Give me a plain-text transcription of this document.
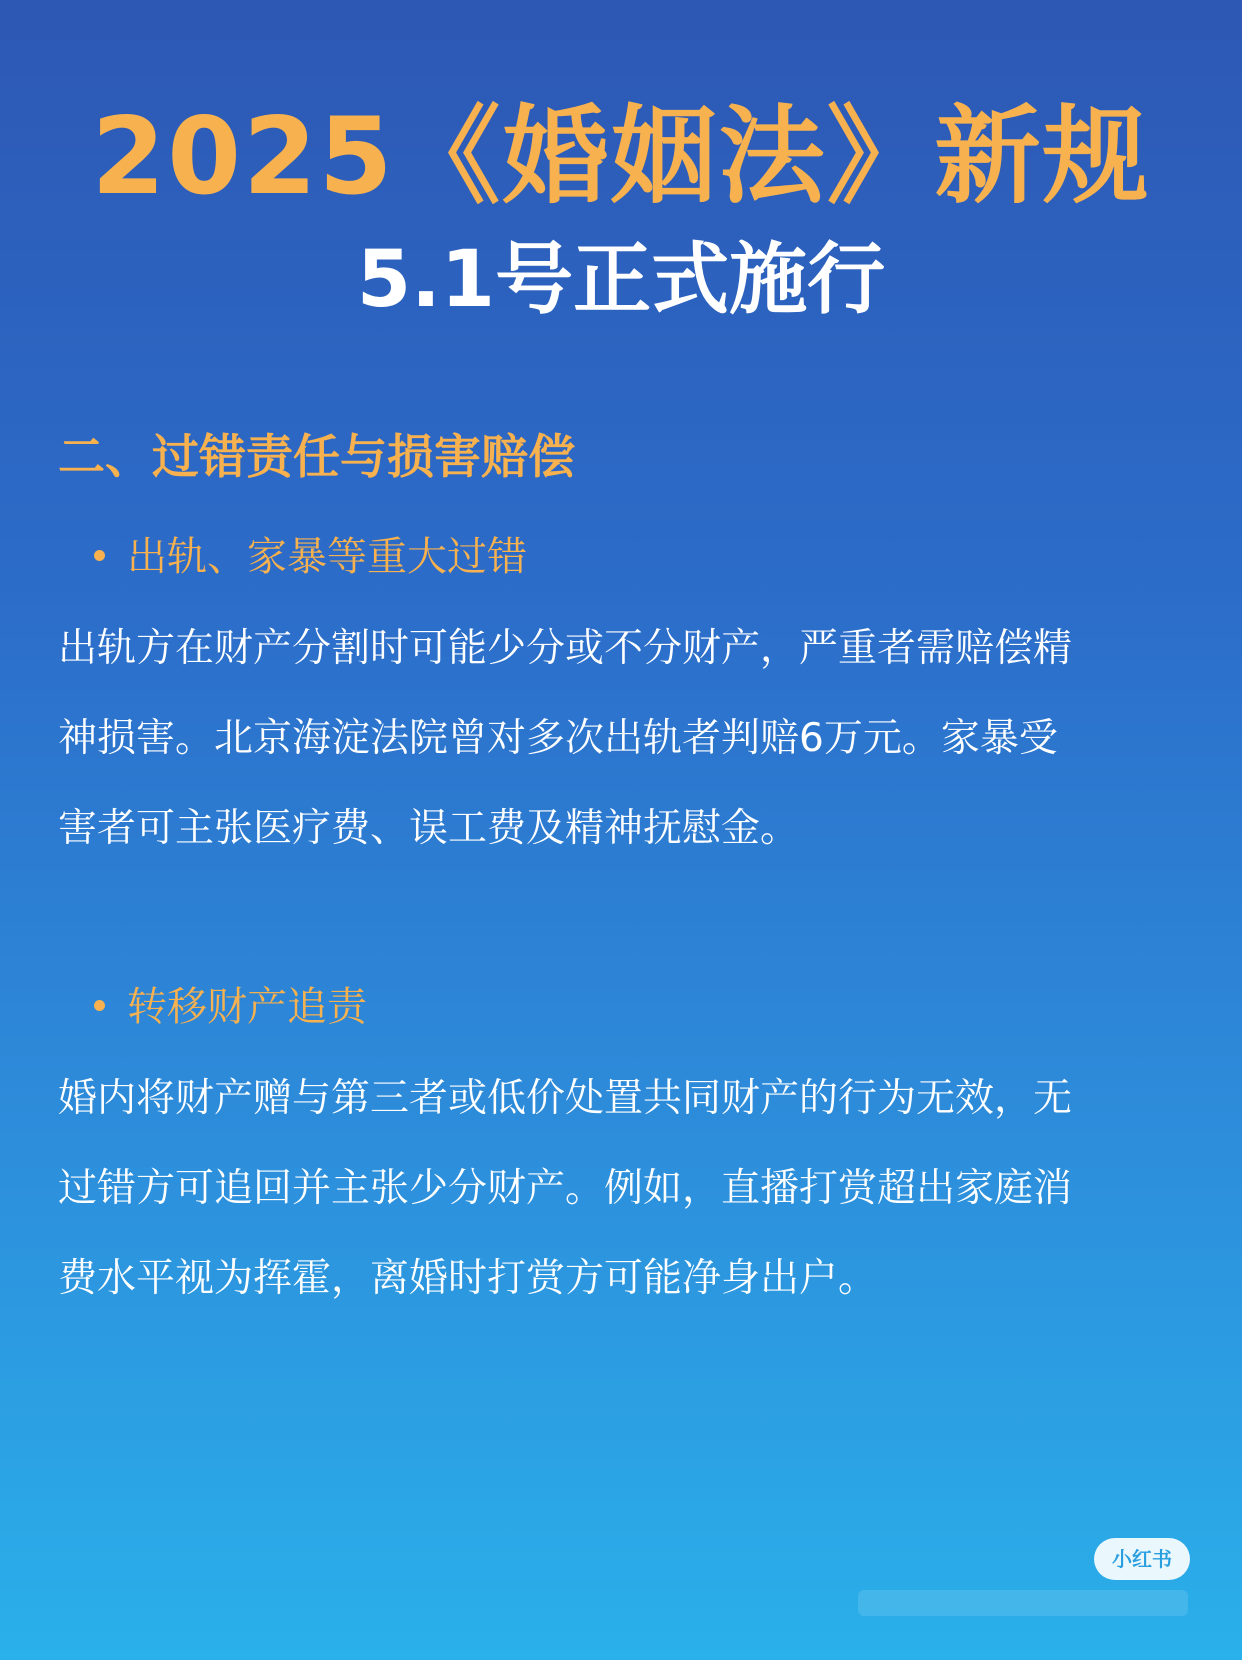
2025《婚姻法》新规
5.1号正式施行
二、过错责任与损害赔偿
出轨、家暴等重大过错
出轨方在财产分割时可能少分或不分财产，严重者需赔偿精
神损害。北京海淀法院曾对多次出轨者判赔6万元。家暴受
害者可主张医疗费、误工费及精神抚慰金。
转移财产追责
婚内将财产赠与第三者或低价处置共同财产的行为无效，无
过错方可追回并主张少分财产。例如，直播打赏超出家庭消
费水平视为挥霍，离婚时打赏方可能净身出户。
小红书
